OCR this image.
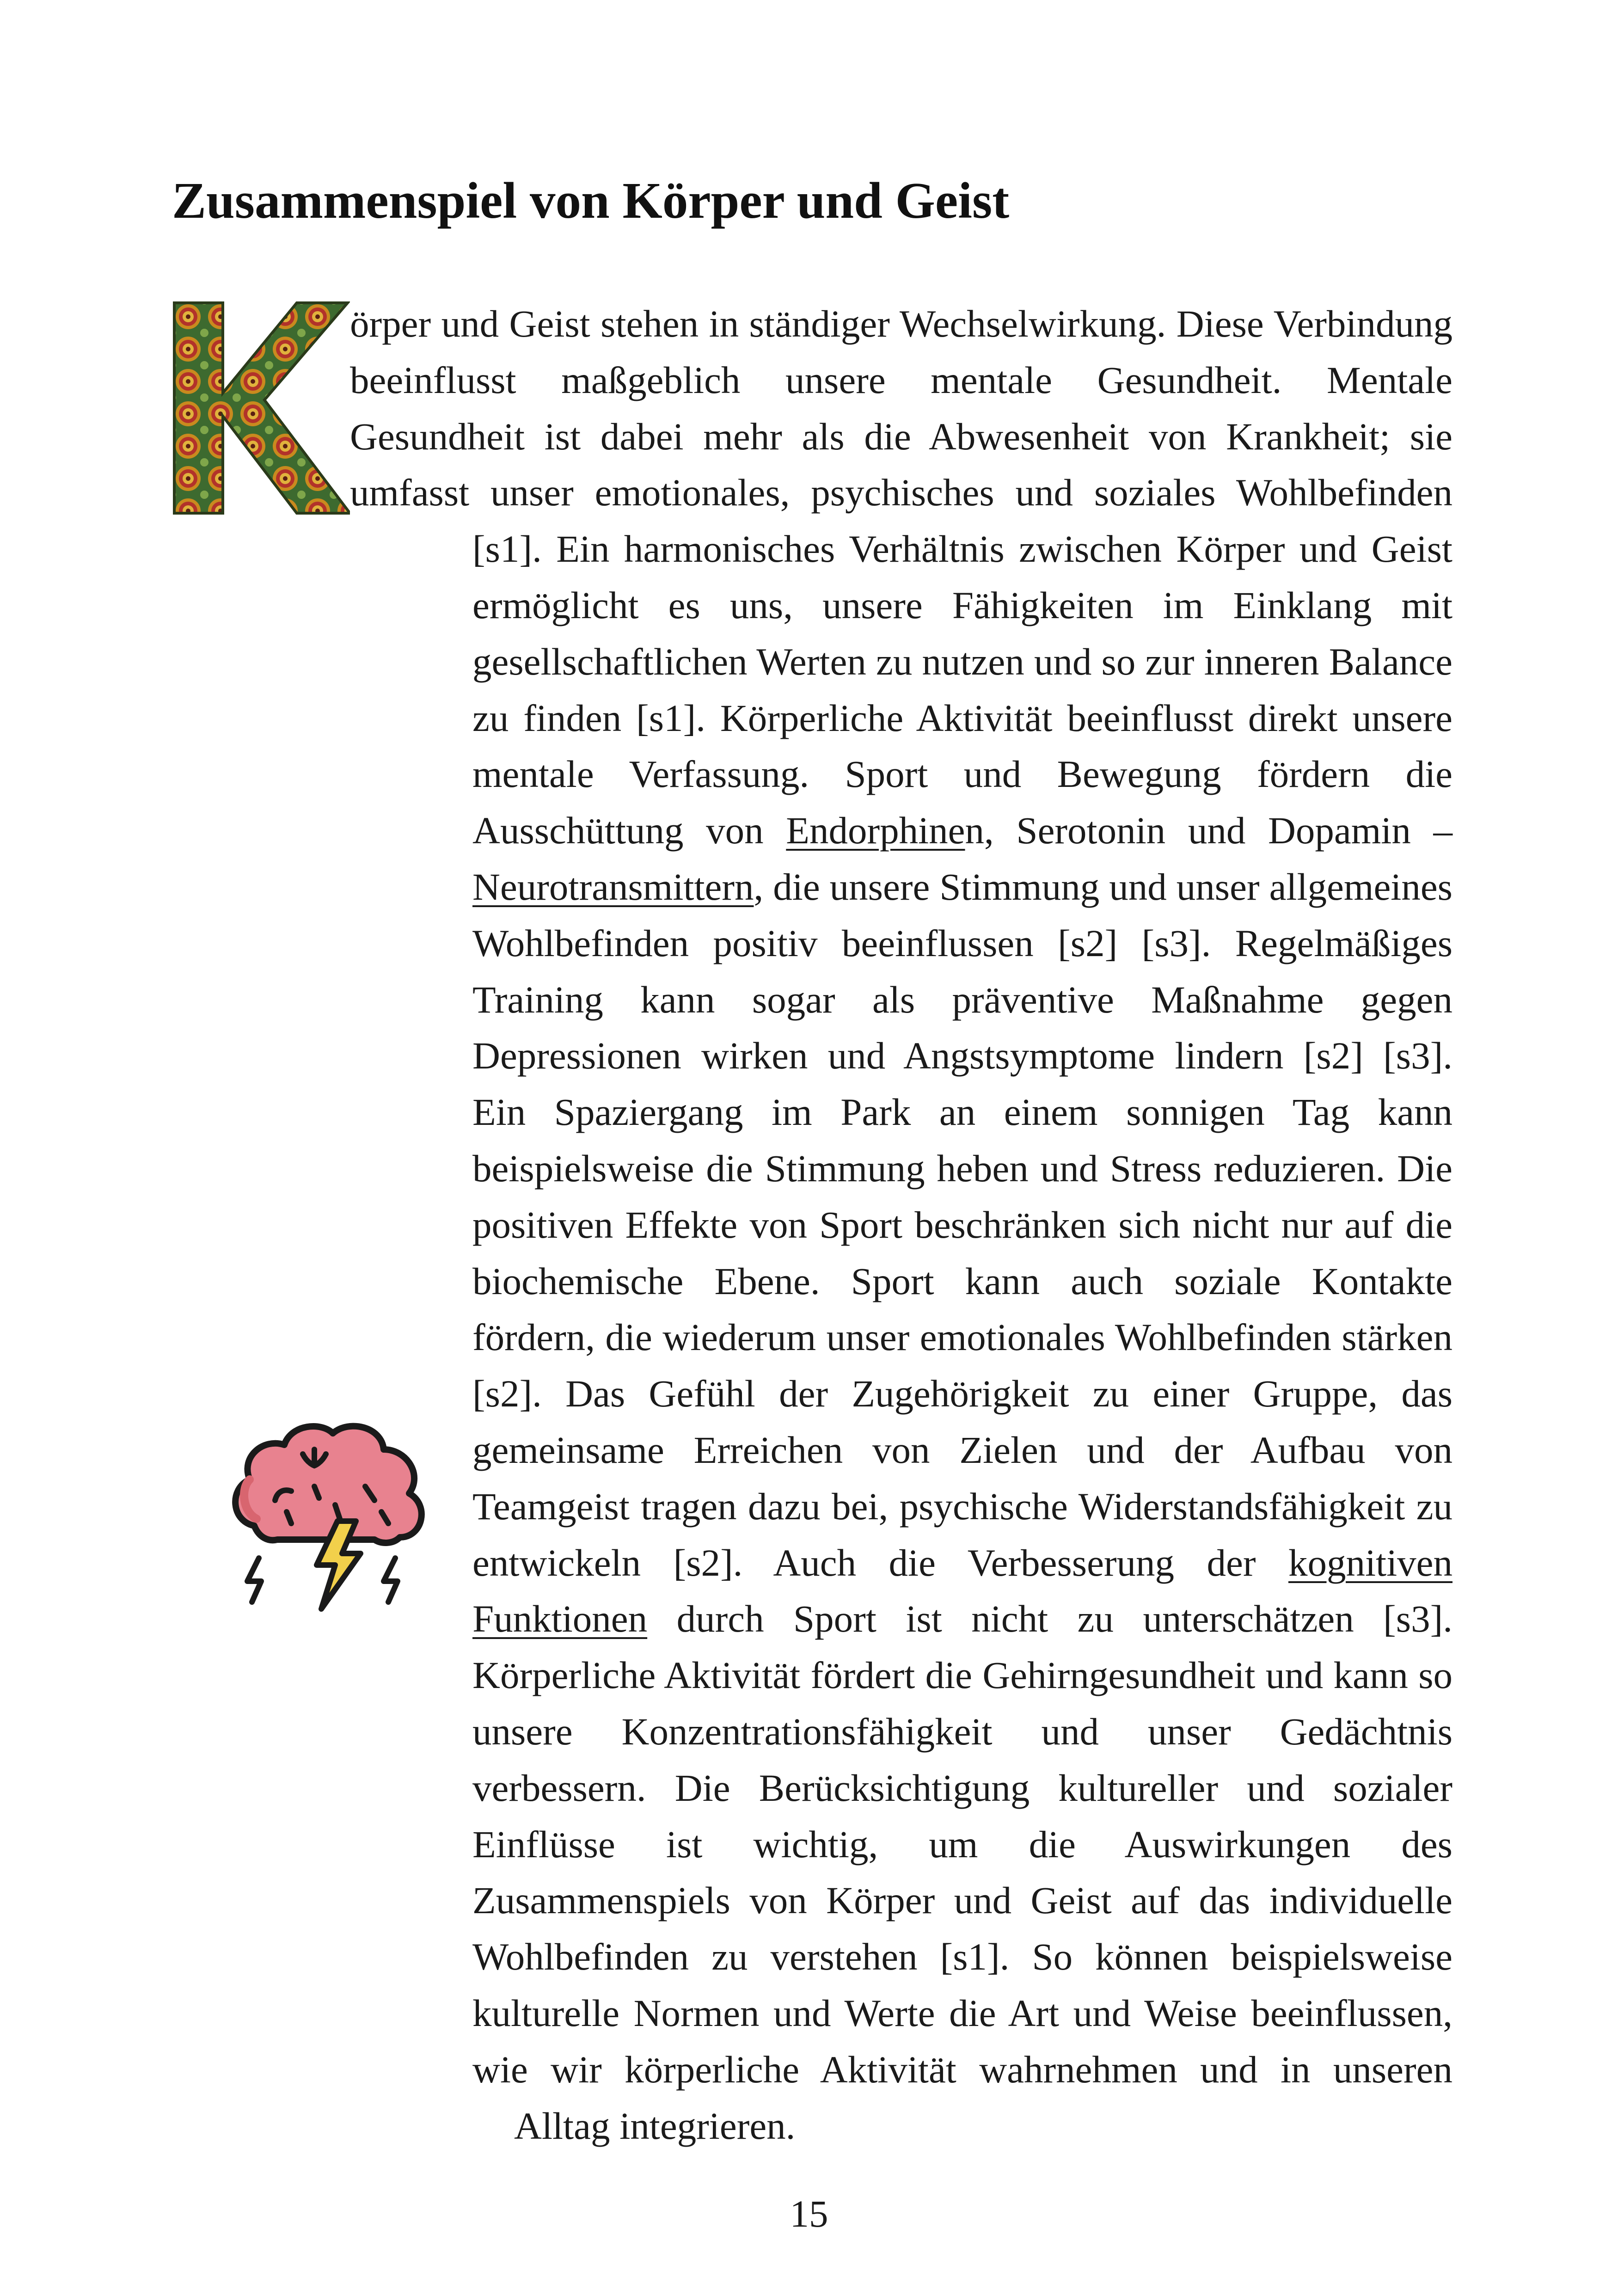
Zusammenspiel von Körper und Geist

örper und Geist stehen in ständiger Wechselwirkung. Diese Verbindung beeinflusst maßgeblich unsere mentale Gesundheit. Mentale Gesundheit ist dabei mehr als die Abwesenheit von Krankheit; sie umfasst unser emotionales, psychisches und soziales Wohlbefinden [s1]. Ein harmonisches Verhältnis zwischen Körper und Geist ermöglicht es uns, unsere Fähigkeiten im Einklang mit gesellschaftlichen Werten zu nutzen und so zur inneren Balance zu finden [s1]. Körperliche Aktivität beeinflusst direkt unsere mentale Verfassung. Sport und Bewegung fördern die Ausschüttung von Endorphinen, Serotonin und Dopamin – Neurotransmittern, die unsere Stimmung und unser allgemeines Wohlbefinden positiv beeinflussen [s2] [s3]. Regelmäßiges Training kann sogar als präventive Maßnahme gegen Depressionen wirken und Angstsymptome lindern [s2] [s3]. Ein Spaziergang im Park an einem sonnigen Tag kann beispielsweise die Stimmung heben und Stress reduzieren. Die positiven Effekte von Sport beschränken sich nicht nur auf die biochemische Ebene. Sport kann auch soziale Kontakte fördern, die wiederum unser emotionales Wohlbefinden stärken [s2]. Das Gefühl der Zugehörigkeit zu einer Gruppe, das gemeinsame Erreichen von Zielen und der Aufbau von Teamgeist tragen dazu bei, psychische Widerstandsfähigkeit zu entwickeln [s2]. Auch die Verbesserung der kognitiven Funktionen durch Sport ist nicht zu unterschätzen [s3]. Körperliche Aktivität fördert die Gehirngesundheit und kann so unsere Konzentrationsfähigkeit und unser Gedächtnis verbessern. Die Berücksichtigung kultureller und sozialer Einflüsse ist wichtig, um die Auswirkungen des Zusammenspiels von Körper und Geist auf das individuelle Wohlbefinden zu verstehen [s1]. So können beispielsweise kulturelle Normen und Werte die Art und Weise beeinflussen, wie wir körperliche Aktivität wahrnehmen und in unseren Alltag integrieren.

15
